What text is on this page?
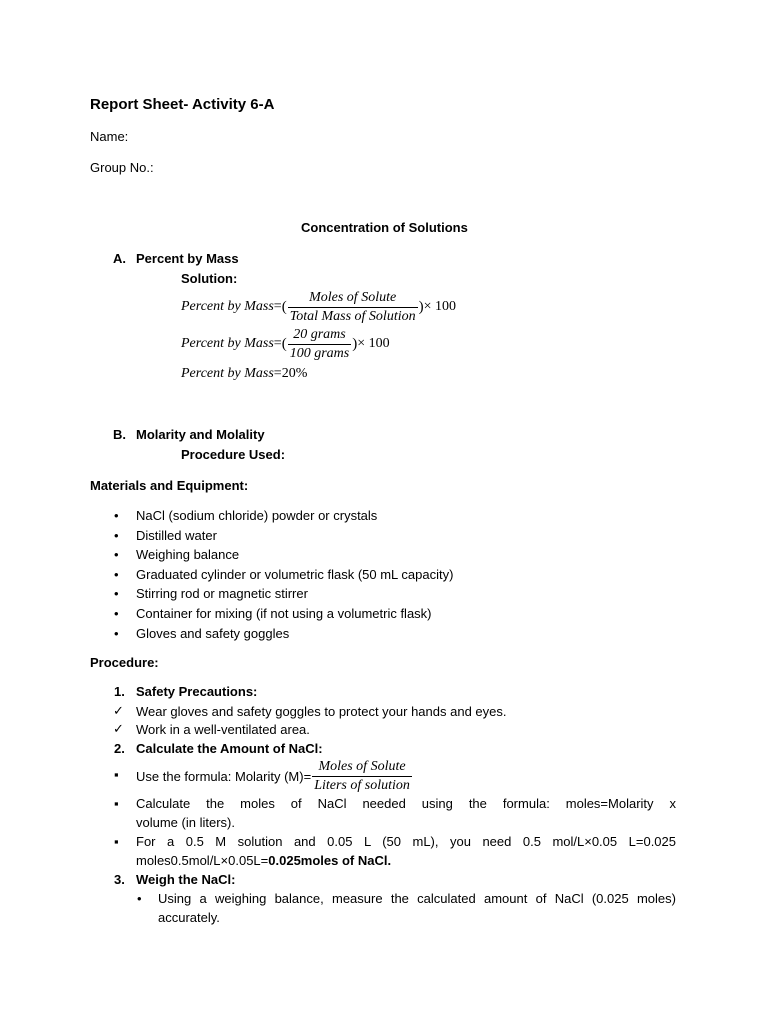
Report Sheet- Activity 6-A
Name:
Group No.:
Concentration of Solutions
A. Percent by Mass
Solution:
Percent by Mass = ( $\frac{\text{Moles of Solute}}{\text{Total Mass of Solution}}$ ) × 100
Percent by Mass = ( $\frac{\text{20 grams}}{\text{100 grams}}$ ) × 100
Percent by Mass=20%
B. Molarity and Molality
Procedure Used:
Materials and Equipment:
• NaCl (sodium chloride) powder or crystals
• Distilled water
• Weighing balance
• Graduated cylinder or volumetric flask (50 mL capacity)
• Stirring rod or magnetic stirrer
• Container for mixing (if not using a volumetric flask)
• Gloves and safety goggles
Procedure:
1. Safety Precautions:
✓ Wear gloves and safety goggles to protect your hands and eyes.
✓ Work in a well-ventilated area.
2. Calculate the Amount of NaCl:
▪ Use the formula: Molarity $(M)= \frac{\text{Moles of Solute}}{\text{Liters of solution}}$
▪ Calculate the moles of NaCl needed using the formula: moles=Molarity x
volume (in liters).
▪ For a 0.5 M solution and 0.05 L (50 mL), you need 0.5 mol/L×0.05 L=0.025
moles0.5mol/L×0.05L=0.025moles of NaCl.
3. Weigh the NaCl:
• Using a weighing balance, measure the calculated amount of NaCl (0.025 moles)
accurately.
